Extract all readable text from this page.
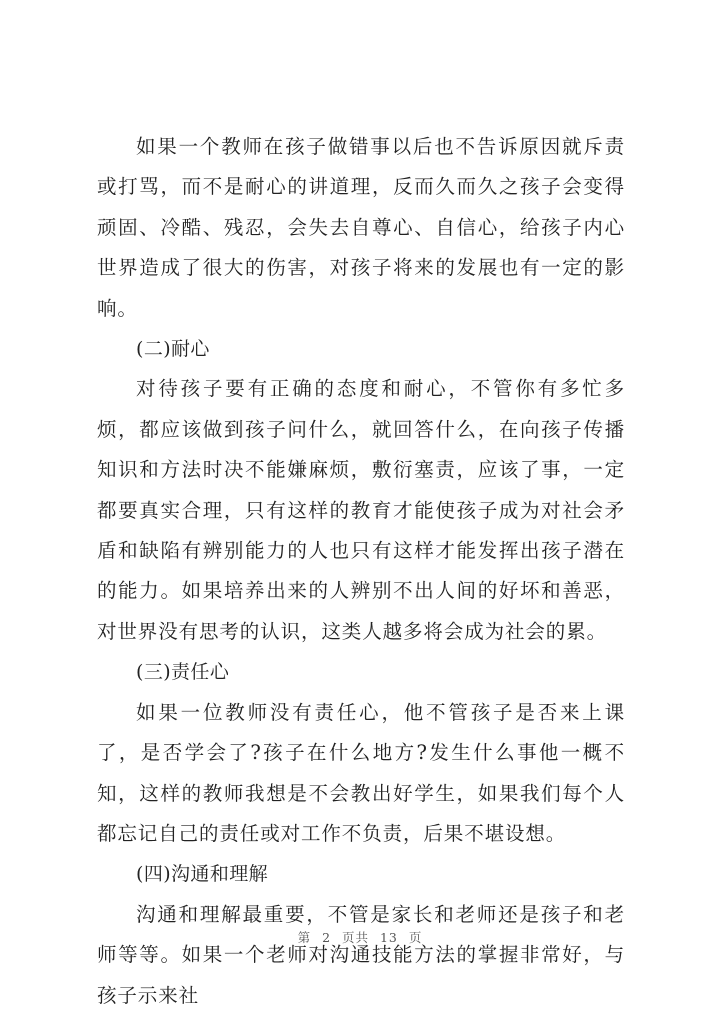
如果一个教师在孩子做错事以后也不告诉原因就斥责或打骂，而不是耐心的讲道理，反而久而久之孩子会变得顽固、冷酷、残忍，会失去自尊心、自信心，给孩子内心世界造成了很大的伤害，对孩子将来的发展也有一定的影响。

(二)耐心

对待孩子要有正确的态度和耐心，不管你有多忙多烦，都应该做到孩子问什么，就回答什么，在向孩子传播知识和方法时决不能嫌麻烦，敷衍塞责，应该了事，一定都要真实合理，只有这样的教育才能使孩子成为对社会矛盾和缺陷有辨别能力的人也只有这样才能发挥出孩子潜在的能力。如果培养出来的人辨别不出人间的好坏和善恶，对世界没有思考的认识，这类人越多将会成为社会的累。

(三)责任心

如果一位教师没有责任心，他不管孩子是否来上课了，是否学会了?孩子在什么地方?发生什么事他一概不知，这样的教师我想是不会教出好学生，如果我们每个人都忘记自己的责任或对工作不负责，后果不堪设想。

(四)沟通和理解

沟通和理解最重要，不管是家长和老师还是孩子和老师等等。如果一个老师对沟通技能方法的掌握非常好，与孩子示来社

第 2 页共 13 页
